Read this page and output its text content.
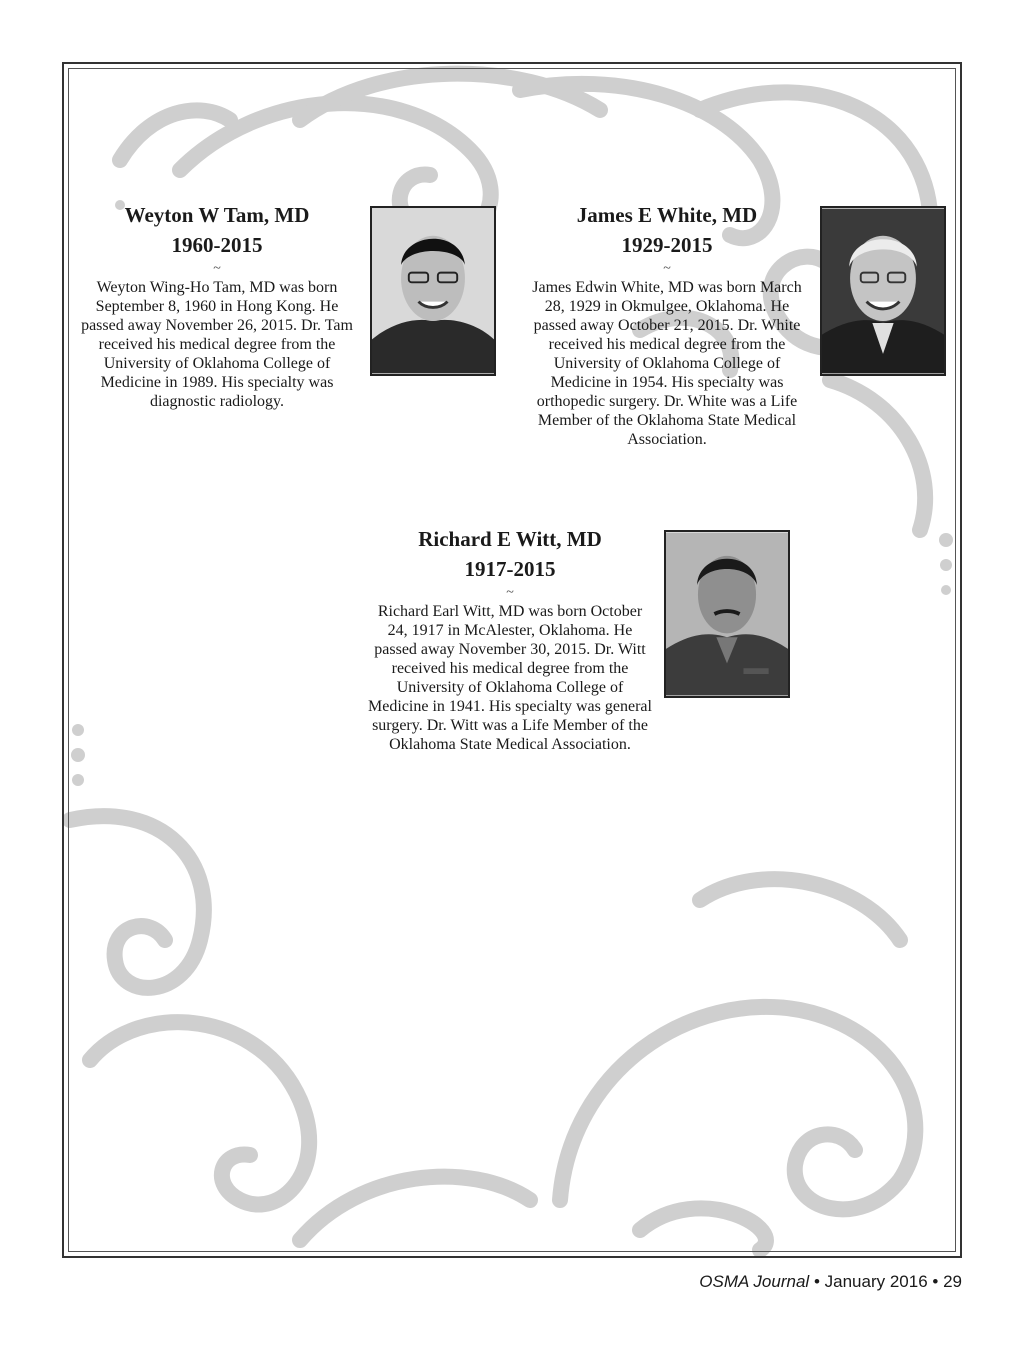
Weyton W Tam, MD
1960-2015
~
Weyton Wing-Ho Tam, MD was born September 8, 1960 in Hong Kong. He passed away November 26, 2015. Dr. Tam received his medical degree from the University of Oklahoma College of Medicine in 1989. His specialty was diagnostic radiology.
James E White, MD
1929-2015
~
James Edwin White, MD was born March 28, 1929 in Okmulgee, Oklahoma. He passed away October 21, 2015. Dr. White received his medical degree from the University of Oklahoma College of Medicine in 1954. His specialty was orthopedic surgery. Dr. White was a Life Member of the Oklahoma State Medical Association.
Richard E Witt, MD
1917-2015
~
Richard Earl Witt, MD was born October 24, 1917 in McAlester, Oklahoma. He passed away November 30, 2015. Dr. Witt received his medical degree from the University of Oklahoma College of Medicine in 1941. His specialty was general surgery. Dr. Witt was a Life Member of the Oklahoma State Medical Association.
OSMA Journal • January 2016 • 29
